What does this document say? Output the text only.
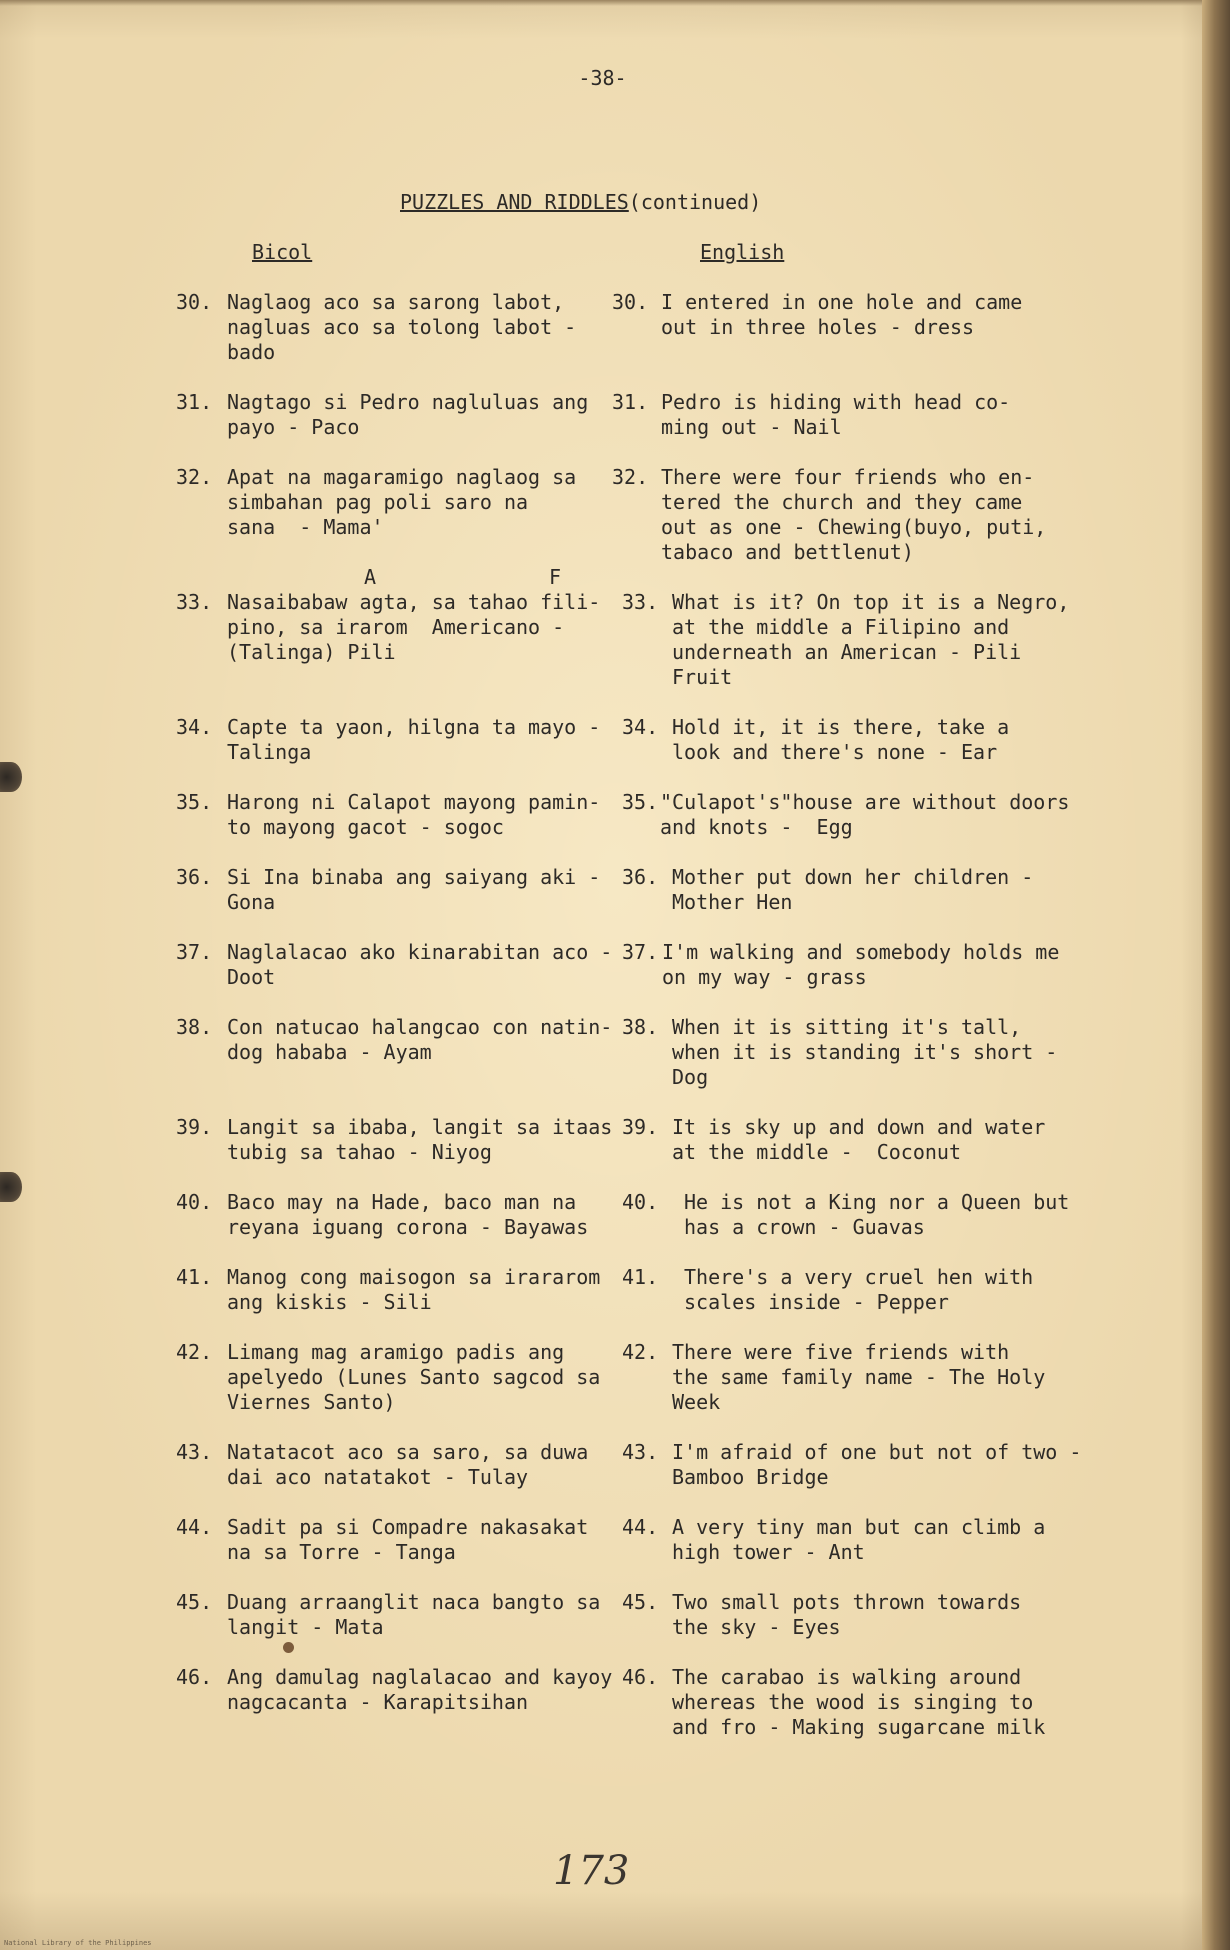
-38-
PUZZLES AND RIDDLES(continued)
Bicol	English
A	F
30. Naglaog aco sa sarong labot,
nagluas aco sa tolong labot -
bado
30. I entered in one hole and came
out in three holes - dress
31. Nagtago si Pedro nagluluas ang
payo - Paco
31. Pedro is hiding with head co-
ming out - Nail
32. Apat na magaramigo naglaog sa
simbahan pag poli saro na
sana  - Mama'
32. There were four friends who en-
tered the church and they came
out as one - Chewing(buyo, puti,
tabaco and bettlenut)
33. Nasaibabaw agta, sa tahao fili-
pino, sa irarom  Americano -
(Talinga) Pili
33. What is it? On top it is a Negro,
at the middle a Filipino and
underneath an American - Pili
Fruit
34. Capte ta yaon, hilgna ta mayo -
Talinga
34. Hold it, it is there, take a
look and there's none - Ear
35. Harong ni Calapot mayong pamin-
to mayong gacot - sogoc
35. "Culapot's"house are without doors
and knots -  Egg
36. Si Ina binaba ang saiyang aki -
Gona
36. Mother put down her children -
Mother Hen
37. Naglalacao ako kinarabitan aco -
Doot
37. I'm walking and somebody holds me
on my way - grass
38. Con natucao halangcao con natin-
dog hababa - Ayam
38. When it is sitting it's tall,
when it is standing it's short -
Dog
39. Langit sa ibaba, langit sa itaas
tubig sa tahao - Niyog
39. It is sky up and down and water
at the middle -  Coconut
40. Baco may na Hade, baco man na
reyana iguang corona - Bayawas
40. He is not a King nor a Queen but
has a crown - Guavas
41. Manog cong maisogon sa irararom
ang kiskis - Sili
41. There's a very cruel hen with
scales inside - Pepper
42. Limang mag aramigo padis ang
apelyedo (Lunes Santo sagcod sa
Viernes Santo)
42. There were five friends with
the same family name - The Holy
Week
43. Natatacot aco sa saro, sa duwa
dai aco natatakot - Tulay
43. I'm afraid of one but not of two -
Bamboo Bridge
44. Sadit pa si Compadre nakasakat
na sa Torre - Tanga
44. A very tiny man but can climb a
high tower - Ant
45. Duang arraanglit naca bangto sa
langit - Mata
45. Two small pots thrown towards
the sky - Eyes
46. Ang damulag naglalacao and kayoy
nagcacanta - Karapitsihan
46. The carabao is walking around
whereas the wood is singing to
and fro - Making sugarcane milk
173
National Library of the Philippines
